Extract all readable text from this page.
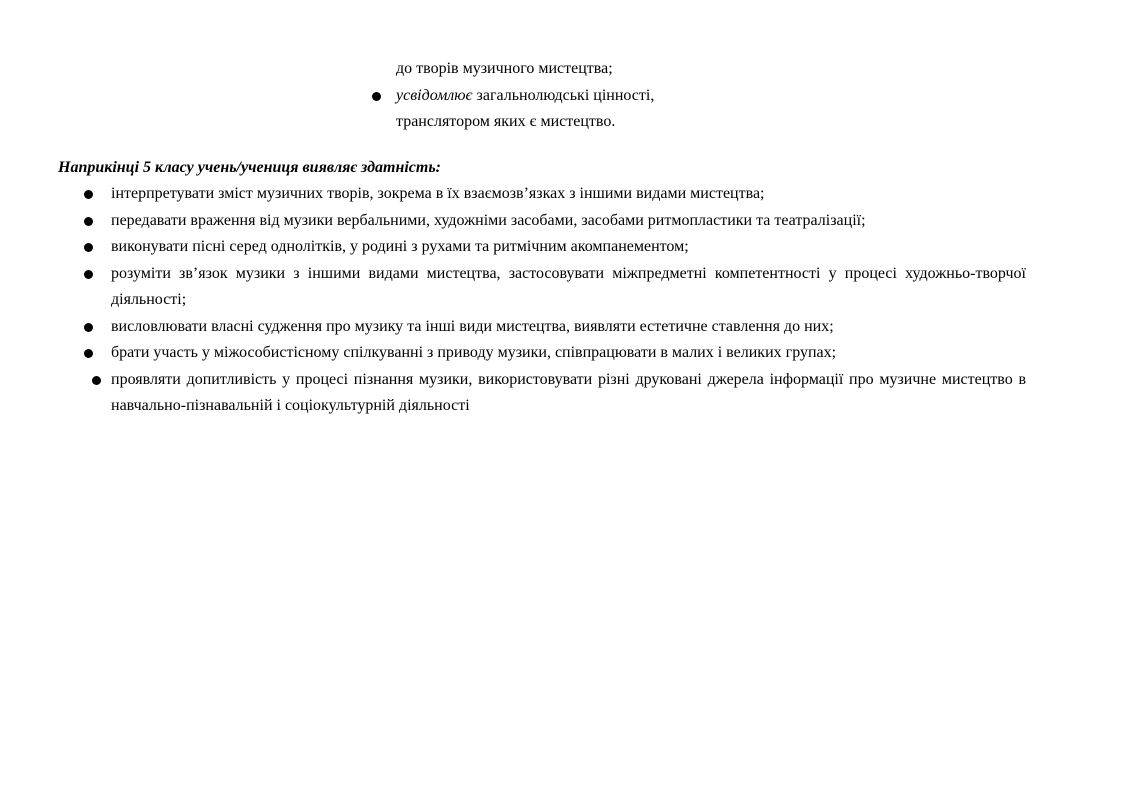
до творів музичного мистецтва;
усвідомлює загальнолюдські цінності,
транслятором яких є мистецтво.
Наприкінці 5 класу учень/учениця виявляє здатність:
інтерпретувати зміст музичних творів, зокрема в їх взаємозв’язках з іншими видами мистецтва;
передавати враження від музики вербальними, художніми засобами, засобами ритмопластики та театралізації;
виконувати пісні серед однолітків, у родині з рухами та ритмічним акомпанементом;
розуміти зв’язок музики з іншими видами мистецтва, застосовувати міжпредметні компетентності у процесі художньо-творчої діяльності;
висловлювати власні судження про музику та інші види мистецтва, виявляти естетичне ставлення до них;
брати участь у міжособистісному спілкуванні з приводу музики, співпрацювати в малих і великих групах;
проявляти допитливість у процесі пізнання музики, використовувати різні друковані джерела інформації про музичне мистецтво в навчально-пізнавальній і соціокультурній діяльності
